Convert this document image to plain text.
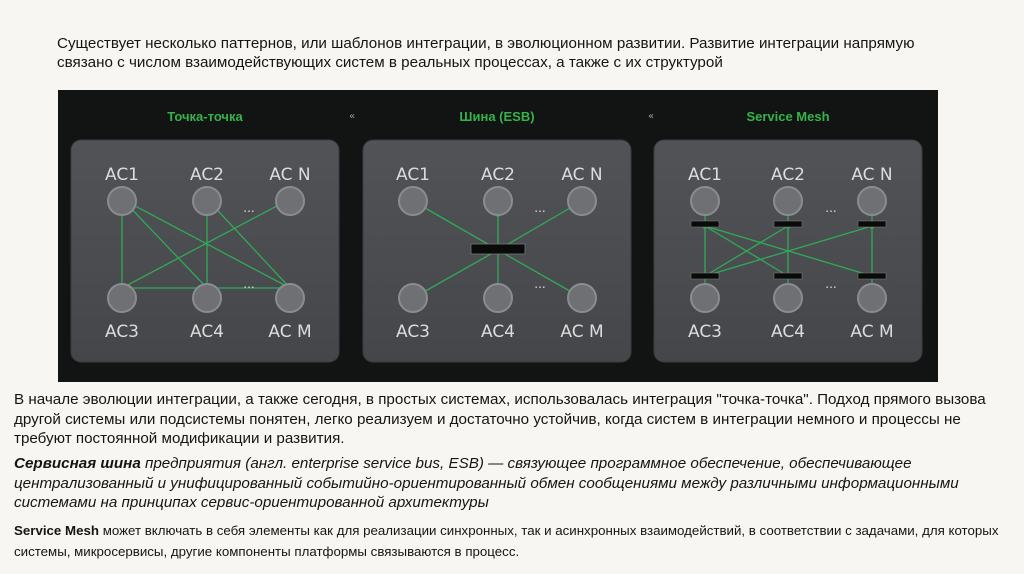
Существует несколько паттернов, или шаблонов интеграции, в эволюционном развитии. Развитие интеграции напрямую
связано с числом взаимодействующих систем в реальных процессах, а также с их структурой

Точка-точка	Шина (ESB)	Service Mesh
«	«
AC1	AC2	AC N
AC3	AC4	AC M
...
...
AC1	AC2	AC N
AC3	AC4	AC M
...
...
AC1	AC2	AC N
AC3	AC4	AC M
...
...

В начале эволюции интеграции, а также сегодня, в простых системах, использовалась интеграция "точка-точка". Подход прямого вызова другой системы или подсистемы понятен, легко реализуем и достаточно устойчив, когда систем в интеграции немного и процессы не требуют постоянной модификации и развития.

Сервисная шина предприятия (англ. enterprise service bus, ESB) — связующее программное обеспечение, обеспечивающее централизованный и унифицированный событийно-ориентированный обмен сообщениями между различными информационными системами на принципах сервис-ориентированной архитектуры

Service Mesh может включать в себя элементы как для реализации синхронных, так и асинхронных взаимодействий, в соответствии с задачами, для которых системы, микросервисы, другие компоненты платформы связываются в процесс.
